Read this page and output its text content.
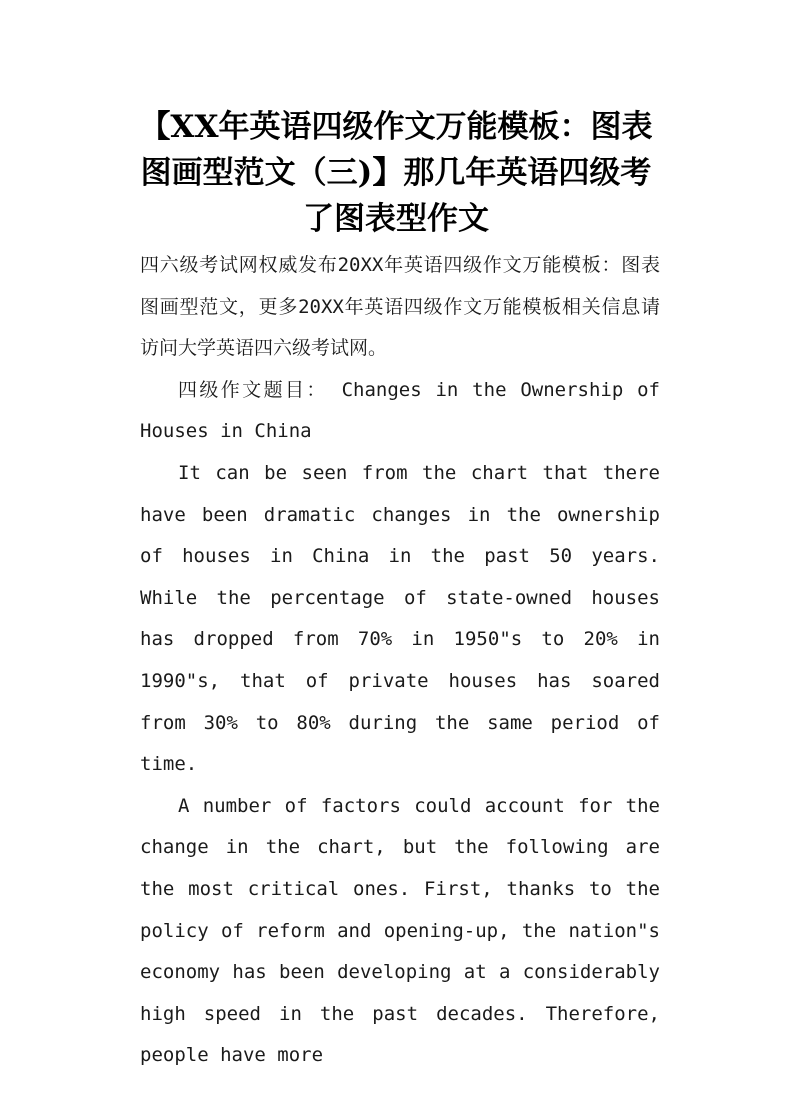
【XX年英语四级作文万能模板：图表图画型范文（三)】那几年英语四级考了图表型作文

四六级考试网权威发布20XX年英语四级作文万能模板：图表图画型范文，更多20XX年英语四级作文万能模板相关信息请访问大学英语四六级考试网。

四级作文题目： Changes in the Ownership of Houses in China

It can be seen from the chart that there have been dramatic changes in the ownership of houses in China in the past 50 years. While the percentage of state-owned houses has dropped from 70% in 1950"s to 20% in 1990"s, that of private houses has soared from 30% to 80% during the same period of time.

A number of factors could account for the change in the chart, but the following are the most critical ones. First, thanks to the policy of reform and opening-up, the nation"s economy has been developing at a considerably high speed in the past decades. Therefore, people have more
